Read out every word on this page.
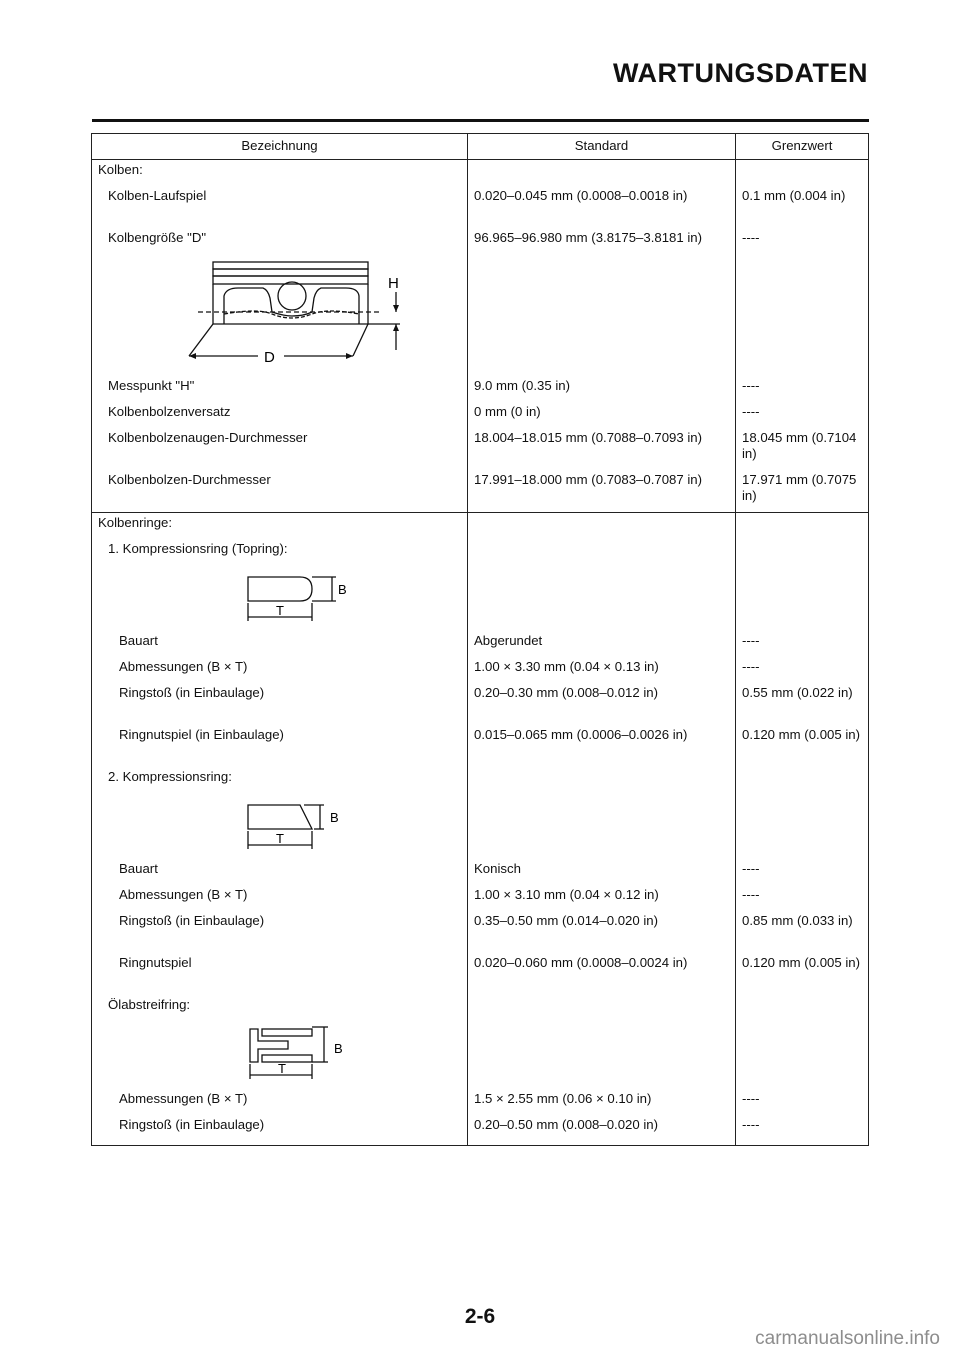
WARTUNGSDATEN
Bezeichnung	Standard	Grenzwert
Kolben:		
Kolben-Laufspiel	0.020–0.045 mm (0.0008–0.0018 in)	0.1 mm (0.004 in)
Kolbengröße "D"	96.965–96.980 mm (3.8175–3.8181 in)	----

H
D		

Messpunkt "H"	9.0 mm (0.35 in)	----
Kolbenbolzenversatz	0 mm (0 in)	----
Kolbenbolzenaugen-Durchmesser	18.004–18.015 mm (0.7088–0.7093 in)	18.045 mm (0.7104 in)
Kolbenbolzen-Durchmesser	17.991–18.000 mm (0.7083–0.7087 in)	17.971 mm (0.7075 in)
Kolbenringe:		
1. Kompressionsring (Topring):		

B
T		

Bauart	Abgerundet	----
Abmessungen (B × T)	1.00 × 3.30 mm (0.04 × 0.13 in)	----
Ringstoß (in Einbaulage)	0.20–0.30 mm (0.008–0.012 in)	0.55 mm (0.022 in)
Ringnutspiel (in Einbaulage)	0.015–0.065 mm (0.0006–0.0026 in)	0.120 mm (0.005 in)
2. Kompressionsring:		

B
T		

Bauart	Konisch	----
Abmessungen (B × T)	1.00 × 3.10 mm (0.04 × 0.12 in)	----
Ringstoß (in Einbaulage)	0.35–0.50 mm (0.014–0.020 in)	0.85 mm (0.033 in)
Ringnutspiel	0.020–0.060 mm (0.0008–0.0024 in)	0.120 mm (0.005 in)
Ölabstreifring:		

B
T		

Abmessungen (B × T)	1.5 × 2.55 mm (0.06 × 0.10 in)	----
Ringstoß (in Einbaulage)	0.20–0.50 mm (0.008–0.020 in)	----
2-6
carmanualsonline.info
